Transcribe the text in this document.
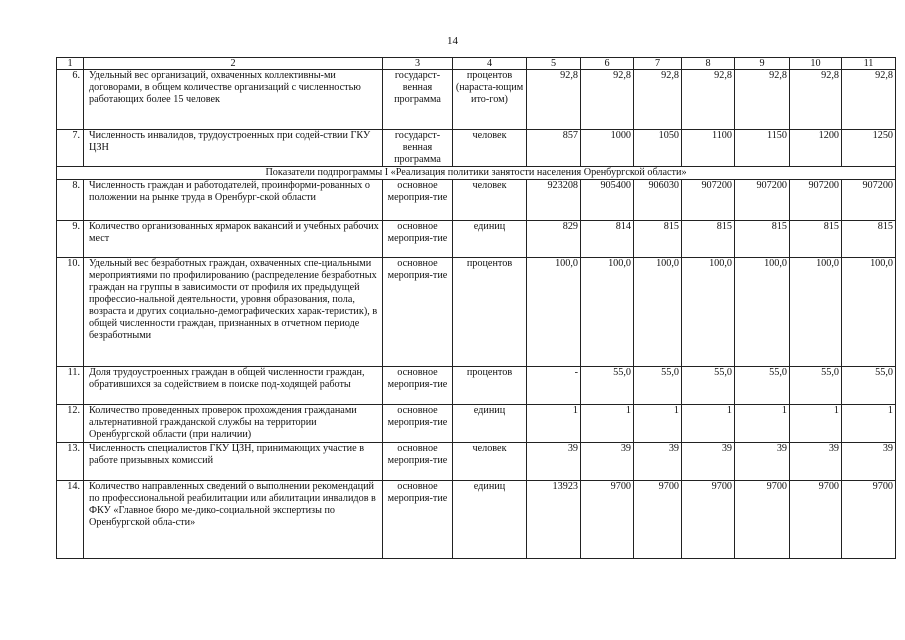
14
1	2	3	4	5	6	7	8	9	10	11
6.	Удельный вес организаций, охваченных коллективны-ми договорами, в общем количестве организаций с численностью работающих более 15 человек	государст-венная программа	процентов (нараста-ющим ито-гом)	92,8	92,8	92,8	92,8	92,8	92,8	92,8
7.	Численность инвалидов, трудоустроенных при содей-ствии ГКУ ЦЗН	государст-венная программа	человек	857	1000	1050	1100	1150	1200	1250
Показатели подпрограммы I «Реализация политики занятости населения Оренбургской области»										
8.	Численность граждан и работодателей, проинформи-рованных о положении на рынке труда в Оренбург-ской области	основное мероприя-тие	человек	923208	905400	906030	907200	907200	907200	907200
9.	Количество организованных ярмарок вакансий и учебных рабочих мест	основное мероприя-тие	единиц	829	814	815	815	815	815	815
10.	Удельный вес безработных граждан, охваченных спе-циальными мероприятиями по профилированию (распределение безработных граждан на группы в зависимости от профиля их предыдущей профессио-нальной деятельности, уровня образования, пола, возраста и других социально-демографических харак-теристик), в общей численности граждан, признанных в отчетном периоде безработными	основное мероприя-тие	процентов	100,0	100,0	100,0	100,0	100,0	100,0	100,0
11.	Доля трудоустроенных граждан в общей численности граждан, обратившихся за содействием в поиске под-ходящей работы	основное мероприя-тие	процентов	-	55,0	55,0	55,0	55,0	55,0	55,0
12.	Количество проведенных проверок прохождения гражданами альтернативной гражданской службы на территории Оренбургской области (при наличии)	основное мероприя-тие	единиц	1	1	1	1	1	1	1
13.	Численность специалистов ГКУ ЦЗН, принимающих участие в работе призывных комиссий	основное мероприя-тие	человек	39	39	39	39	39	39	39
14.	Количество направленных сведений о выполнении рекомендаций по профессиональной реабилитации или абилитации инвалидов в ФКУ «Главное бюро ме-дико-социальной экспертизы по Оренбургской обла-сти»	основное мероприя-тие	единиц	13923	9700	9700	9700	9700	9700	9700
